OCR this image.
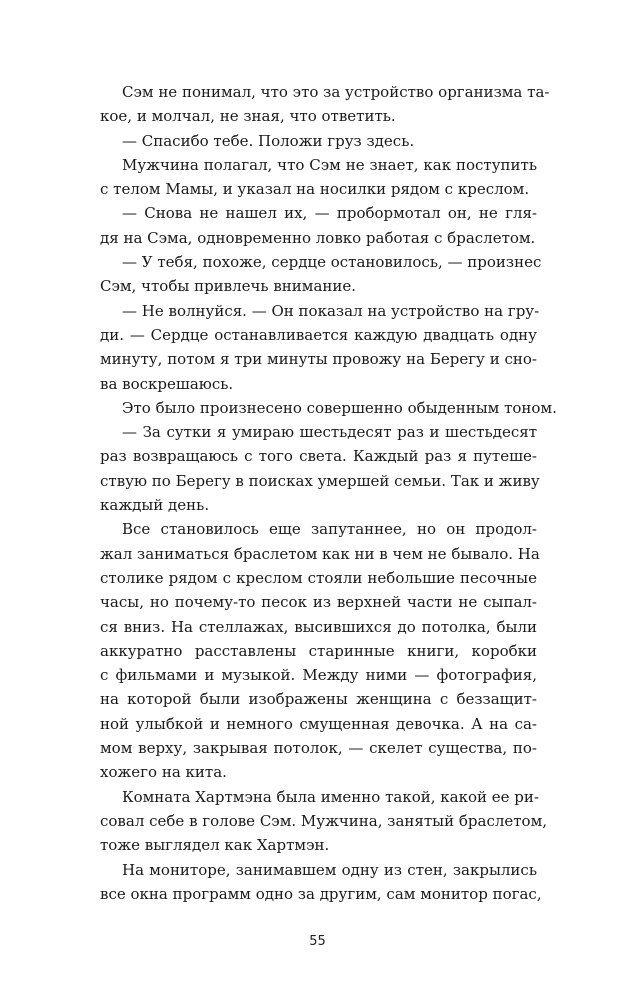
Сэм не понимал, что это за устройство организма та-
кое, и молчал, не зная, что ответить.
— Спасибо тебе. Положи груз здесь.
Мужчина полагал, что Сэм не знает, как поступить
с телом Мамы, и указал на носилки рядом с креслом.
— Снова не нашел их, — пробормотал он, не гля-
дя на Сэма, одновременно ловко работая с браслетом.
— У тебя, похоже, сердце остановилось, — произнес
Сэм, чтобы привлечь внимание.
— Не волнуйся. — Он показал на устройство на гру-
ди. — Сердце останавливается каждую двадцать одну
минуту, потом я три минуты провожу на Берегу и сно-
ва воскрешаюсь.
Это было произнесено совершенно обыденным тоном.
— За сутки я умираю шестьдесят раз и шестьдесят
раз возвращаюсь с того света. Каждый раз я путеше-
ствую по Берегу в поисках умершей семьи. Так и живу
каждый день.
Все становилось еще запутаннее, но он продол-
жал заниматься браслетом как ни в чем не бывало. На
столике рядом с креслом стояли небольшие песочные
часы, но почему-то песок из верхней части не сыпал-
ся вниз. На стеллажах, высившихся до потолка, были
аккуратно расставлены старинные книги, коробки
с фильмами и музыкой. Между ними — фотография,
на которой были изображены женщина с беззащит-
ной улыбкой и немного смущенная девочка. А на са-
мом верху, закрывая потолок, — скелет существа, по-
хожего на кита.
Комната Хартмэна была именно такой, какой ее ри-
совал себе в голове Сэм. Мужчина, занятый браслетом,
тоже выглядел как Хартмэн.
На мониторе, занимавшем одну из стен, закрылись
все окна программ одно за другим, сам монитор погас,
55
